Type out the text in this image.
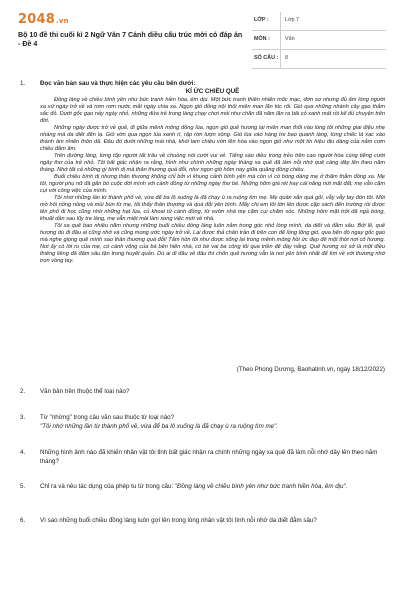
2048.vn
Bộ 10 đề thi cuối kì 2 Ngữ Văn 7 Cánh diều cấu trúc mới có đáp án - Đề 4
LỚP :	Lớp 7
MÔN :	Văn
SỐ CÂU : 8
1. Đọc văn bản sau và thực hiện các yêu cầu bên dưới:
KÍ ỨC CHIỀU QUÊ

Đồng làng về chiều bình yên như bức tranh hiền hòa, êm dịu. Một bức tranh thiên nhiên mộc mạc, đơn sơ nhưng đủ ấm lòng người xa xứ ngày trở về và rơm rơm nước mắt ngày chia xa. Ngọn gió đồng nội thổi miên man lăn tóc rối. Gió qua những nhánh cây gạo thắm sắc đỏ. Dưới gốc gạo nảy ngày nhỏ, những đứa trẻ trong làng chạy chơi mỏi như chăn đã năm lăn ra bãi cỏ xanh mát rồi kể đủ chuyện trên đời.

Những ngày được trở về quê, đi giữa mênh mông đồng lúa, ngọn gió quê hương lại miên man thổi vào lòng tôi những giai điệu nhẹ nhàng mà da diết đến lạ. Gió vờn qua ngọn lúa xanh rì, rập rờn lượn sóng. Gió lùa vào hàng tre bao quanh làng, từng chiếc lá xạc xào thành âm nhiên thôn dã. Đâu đó dưới những mái nhà, khói lam chiều vờn lên hòa vào ngọn gió như một tín hiệu dịu dàng của nắm cơm chiều đằm ấm.

Trên đường làng, từng tốp người tất trâu về chuồng nói cười vui vẻ. Tiếng sáo diều trong trẻo trên cao người hòa cùng tiếng cười ngây thơ của trẻ nhỏ. Tôi bất giác nhận ra rằng, hình như chính những ngày tháng xa quê đã làm nỗi nhớ quê càng dây lên theo năm tháng. Nhớ tất cả những gì bình dị mà thân thương quá đỗi, như ngọn gió hôm nay giữa quãng đồng chiều.

Buổi chiều bình dị nhưng thân thương không chỉ bởi vì khung cảnh bình yên mà còn vì có bóng dáng mẹ ở thăm thẳm đồng xa. Mẹ tôi, người phụ nữ đã gắn bó cuộc đời mình với cánh đồng từ những ngày thơ bé. Những hôm giá rét hay cái nắng nứt mặt đất, mẹ vẫn cặm cụi với công việc của mình.

Tôi nhớ những lần từ thành phố về, vừa để ba lô xuống là đã chạy ù ra ruộng tìm mẹ. Mẹ quần xắn quá gối, vẫy vẫy tay đón tôi. Mùi mồ hôi nồng nồng và mùi bùn từ mẹ, tôi thấy thân thương và quá đỗi yên bình. Mấy chị em tôi lớn lên được cặp sách đến trường rồi được lên phố đi học cũng nhờ những hạt lúa, củ khoai từ cánh đồng, từ vườn nhà mẹ cặm cụi chăm sóc. Những hôm mặt trời đã ngả bóng, khuất dần sau lũy tre làng, mẹ vẫn miệt mài làm xong việc mới về nhà.

Tôi xa quê bao nhiêu năm nhưng những buổi chiều đồng làng luôn nằm trong góc nhỏ lòng mình, da diết và đằm sâu. Bởi lẽ, quê hương dù đi đâu ai cũng nhớ và cũng mong ước ngày trở về. Lại được thả chân trần đi trên con đê lồng lộng gió, qua bến đò ngay gốc gạo mà nghe giọng quê mình sao thân thương quá đỗi! Tấm hồn tôi như được sống lại trong mênh mông hồi ức đẹp đẽ một thời nơi cố hương. Nơi ấy có lời ru của mẹ, có cánh võng của bà bên hiên nhà, có bè vai ba công tôi qua triền đê đầy nắng. Quê hương xứ sở là một điều thiêng liêng đã đâm sâu tận trong huyết quản. Dù ai đi đâu về đâu thì chốn quê hương vẫn là nơi yên bình nhất để tìm về với thương nhớ trọn vòng tay.

(Theo Phong Dương, Baohatinh.vn, ngày 18/12/2022)
2. Văn bản trên thuộc thể loại nào?
3. Từ "nhờng" trong câu văn sau thuộc từ loại nào?
"Tôi nhớ những lần từ thành phố về, vừa để ba lô xuống là đã chạy ù ra ruộng tìm mẹ".
4. Những hình ảnh nào đã khiến nhân vật tôi tỉnh bất giác nhận ra chính những ngày xa quê đã làm nỗi nhớ dây lên theo năm tháng?
5. Chỉ ra và nêu tác dụng của phép tu từ trong câu: "Đồng làng về chiều bình yên như bức tranh hiền hòa, êm dịu".
6. Vì sao những buổi chiều đồng làng luôn gợi lên trong lòng nhân vật tôi tình nỗi nhớ da diết đằm sâu?
